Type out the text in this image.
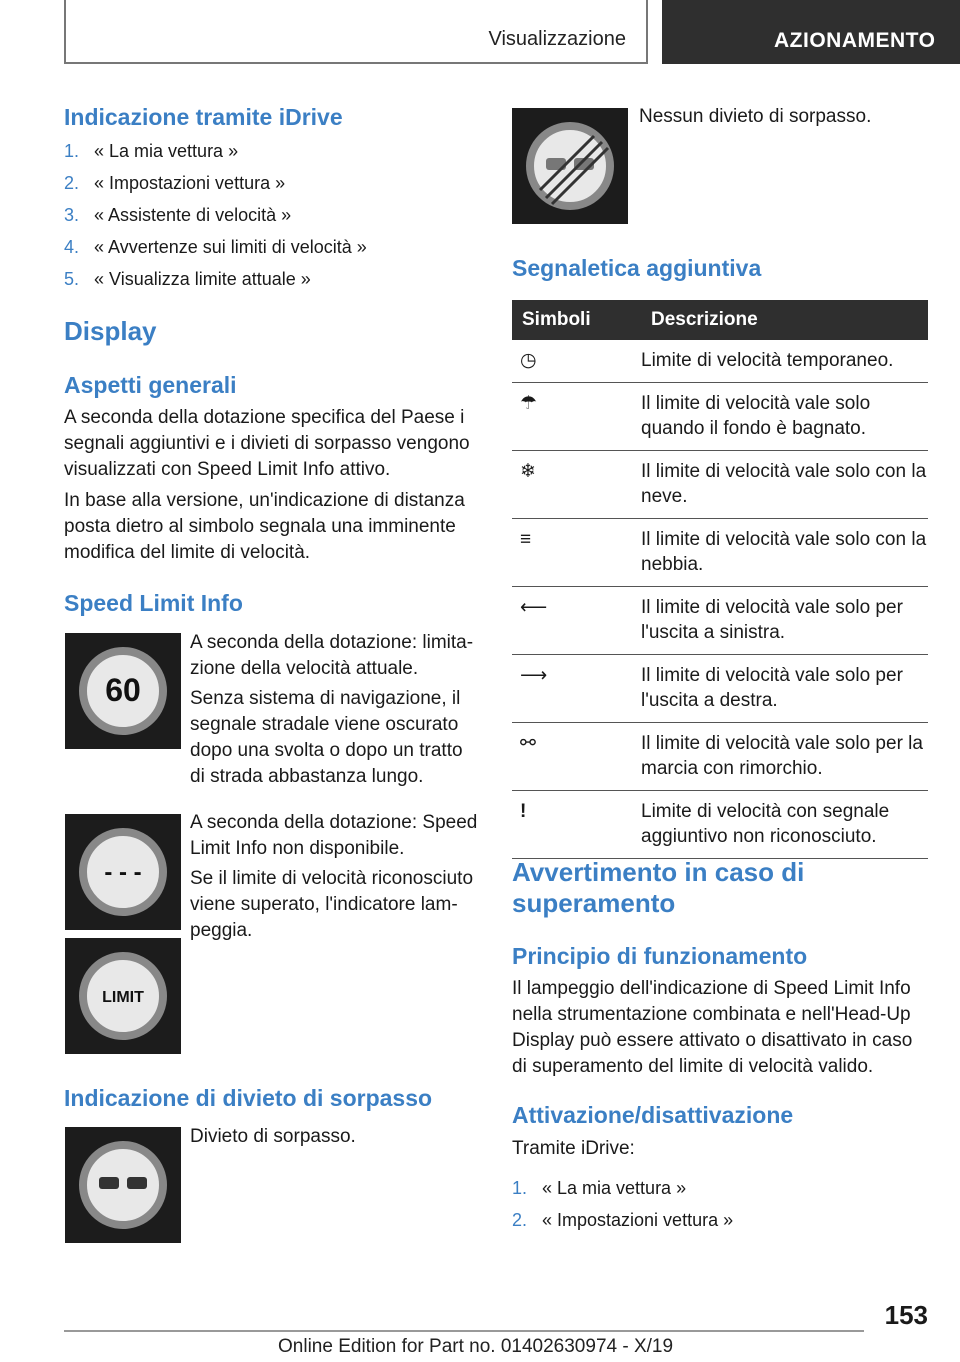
Visualizzazione	AZIONAMENTO
Indicazione tramite iDrive
1. « La mia vettura »
2. « Impostazioni vettura »
3. « Assistente di velocità »
4. « Avvertenze sui limiti di velocità »
5. « Visualizza limite attuale »
Display
Aspetti generali
A seconda della dotazione specifica del Paese i segnali aggiuntivi e i divieti di sorpasso vengono visualizzati con Speed Limit Info attivo.
In base alla versione, un'indicazione di distanza posta dietro al simbolo segnala una imminente modifica del limite di velocità.
Speed Limit Info
60
A seconda della dotazione: limita-zione della velocità attuale.
Senza sistema di navigazione, il segnale stradale viene oscurato dopo una svolta o dopo un tratto di strada abbastanza lungo.
- - -
A seconda della dotazione: Speed Limit Info non disponibile.
Se il limite di velocità riconosciuto viene superato, l'indicatore lam-peggia.
LIMIT
Indicazione di divieto di sorpasso
Divieto di sorpasso.
Nessun divieto di sorpasso.
Segnaletica aggiuntiva
Simboli	Descrizione
◷	Limite di velocità temporaneo.
☂	Il limite di velocità vale solo quando il fondo è bagnato.
❄	Il limite di velocità vale solo con la neve.
≡	Il limite di velocità vale solo con la nebbia.
⟵	Il limite di velocità vale solo per l'uscita a sinistra.
⟶	Il limite di velocità vale solo per l'uscita a destra.
⚯	Il limite di velocità vale solo per la marcia con rimorchio.
!	Limite di velocità con segnale aggiuntivo non riconosciuto.
Avvertimento in caso di superamento
Principio di funzionamento
Il lampeggio dell'indicazione di Speed Limit Info nella strumentazione combinata e nell'Head-Up Display può essere attivato o disattivato in caso di superamento del limite di velocità valido.
Attivazione/disattivazione
Tramite iDrive:
1. « La mia vettura »
2. « Impostazioni vettura »
153
Online Edition for Part no. 01402630974 - X/19
